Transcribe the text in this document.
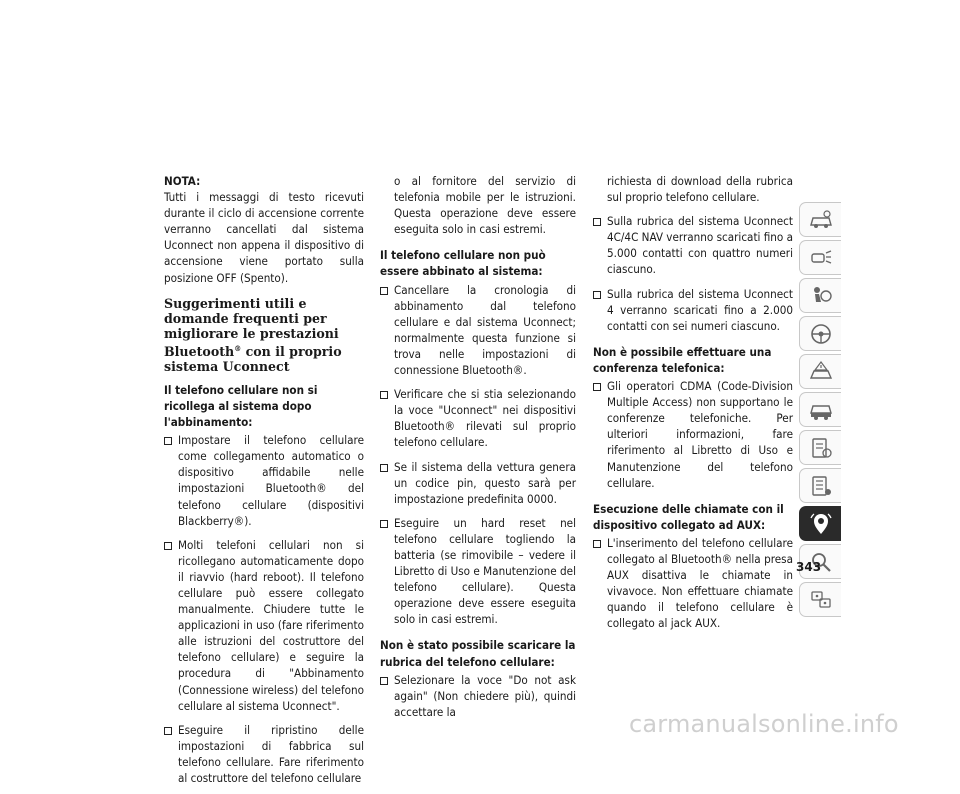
NOTA:
Tutti i messaggi di testo ricevuti durante il ciclo di accensione corrente verranno cancellati dal sistema Uconnect non appena il dispositivo di accensione viene portato sulla posizione OFF (Spento).
Suggerimenti utili e domande frequenti per migliorare le prestazioni Bluetooth® con il proprio sistema Uconnect
Il telefono cellulare non si ricollega al sistema dopo l'abbinamento:
Impostare il telefono cellulare come collegamento automatico o dispositivo affidabile nelle impostazioni Bluetooth® del telefono cellulare (dispositivi Blackberry®).
Molti telefoni cellulari non si ricollegano automaticamente dopo il riavvio (hard reboot). Il telefono cellulare può essere collegato manualmente. Chiudere tutte le applicazioni in uso (fare riferimento alle istruzioni del costruttore del telefono cellulare) e seguire la procedura di "Abbinamento (Connessione wireless) del telefono cellulare al sistema Uconnect".
Eseguire il ripristino delle impostazioni di fabbrica sul telefono cellulare. Fare riferimento al costruttore del telefono cellulare
o al fornitore del servizio di telefonia mobile per le istruzioni. Questa operazione deve essere eseguita solo in casi estremi.
Il telefono cellulare non può essere abbinato al sistema:
Cancellare la cronologia di abbinamento dal telefono cellulare e dal sistema Uconnect; normalmente questa funzione si trova nelle impostazioni di connessione Bluetooth®.
Verificare che si stia selezionando la voce "Uconnect" nei dispositivi Bluetooth® rilevati sul proprio telefono cellulare.
Se il sistema della vettura genera un codice pin, questo sarà per impostazione predefinita 0000.
Eseguire un hard reset nel telefono cellulare togliendo la batteria (se rimovibile – vedere il Libretto di Uso e Manutenzione del telefono cellulare). Questa operazione deve essere eseguita solo in casi estremi.
Non è stato possibile scaricare la rubrica del telefono cellulare:
Selezionare la voce "Do not ask again" (Non chiedere più), quindi accettare la
richiesta di download della rubrica sul proprio telefono cellulare.
Sulla rubrica del sistema Uconnect 4C/4C NAV verranno scaricati fino a 5.000 contatti con quattro numeri ciascuno.
Sulla rubrica del sistema Uconnect 4 verranno scaricati fino a 2.000 contatti con sei numeri ciascuno.
Non è possibile effettuare una conferenza telefonica:
Gli operatori CDMA (Code-Division Multiple Access) non supportano le conferenze telefoniche. Per ulteriori informazioni, fare riferimento al Libretto di Uso e Manutenzione del telefono cellulare.
Esecuzione delle chiamate con il dispositivo collegato ad AUX:
L'inserimento del telefono cellulare collegato al Bluetooth® nella presa AUX disattiva le chiamate in vivavoce. Non effettuare chiamate quando il telefono cellulare è collegato al jack AUX.
343
carmanualsonline.info
